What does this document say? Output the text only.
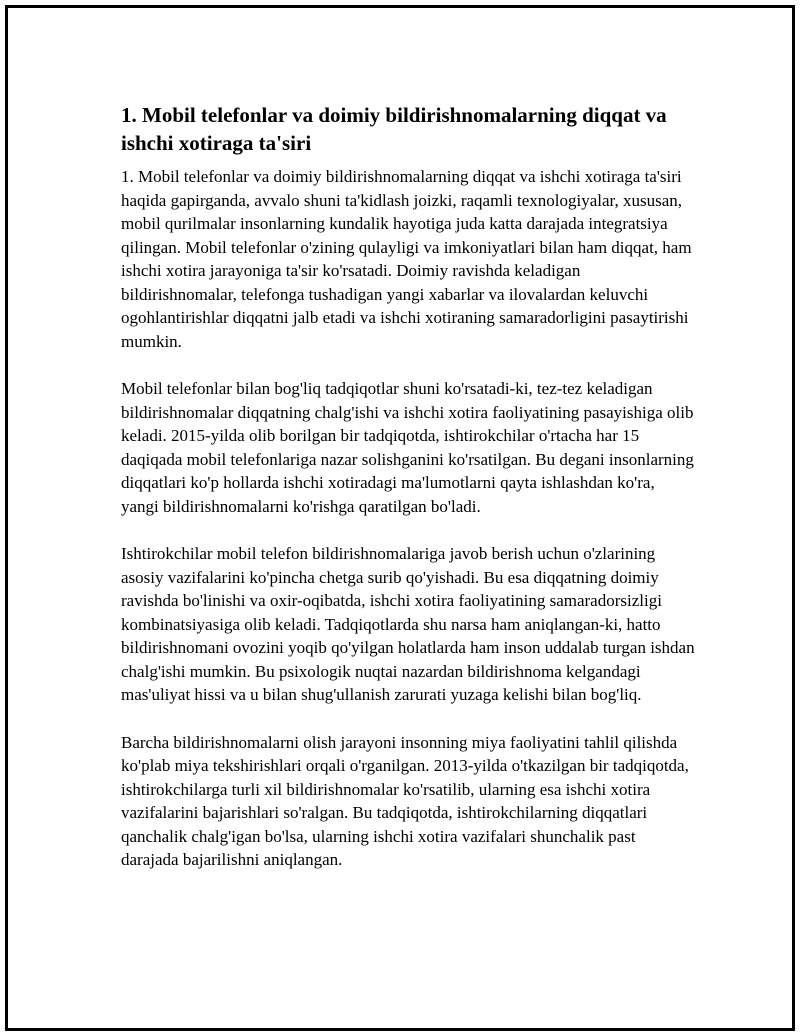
1. Mobil telefonlar va doimiy bildirishnomalarning diqqat va ishchi xotiraga ta'siri

1. Mobil telefonlar va doimiy bildirishnomalarning diqqat va ishchi xotiraga ta'siri haqida gapirganda, avvalo shuni ta'kidlash joizki, raqamli texnologiyalar, xususan, mobil qurilmalar insonlarning kundalik hayotiga juda katta darajada integratsiya qilingan. Mobil telefonlar o'zining qulayligi va imkoniyatlari bilan ham diqqat, ham ishchi xotira jarayoniga ta'sir ko'rsatadi. Doimiy ravishda keladigan bildirishnomalar, telefonga tushadigan yangi xabarlar va ilovalardan keluvchi ogohlantirishlar diqqatni jalb etadi va ishchi xotiraning samaradorligini pasaytirishi mumkin.

Mobil telefonlar bilan bog'liq tadqiqotlar shuni ko'rsatadi-ki, tez-tez keladigan bildirishnomalar diqqatning chalg'ishi va ishchi xotira faoliyatining pasayishiga olib keladi. 2015-yilda olib borilgan bir tadqiqotda, ishtirokchilar o'rtacha har 15 daqiqada mobil telefonlariga nazar solishganini ko'rsatilgan. Bu degani insonlarning diqqatlari ko'p hollarda ishchi xotiradagi ma'lumotlarni qayta ishlashdan ko'ra, yangi bildirishnomalarni ko'rishga qaratilgan bo'ladi.

Ishtirokchilar mobil telefon bildirishnomalariga javob berish uchun o'zlarining asosiy vazifalarini ko'pincha chetga surib qo'yishadi. Bu esa diqqatning doimiy ravishda bo'linishi va oxir-oqibatda, ishchi xotira faoliyatining samaradorsizligi kombinatsiyasiga olib keladi. Tadqiqotlarda shu narsa ham aniqlangan-ki, hatto bildirishnomani ovozini yoqib qo'yilgan holatlarda ham inson uddalab turgan ishdan chalg'ishi mumkin. Bu psixologik nuqtai nazardan bildirishnoma kelgandagi mas'uliyat hissi va u bilan shug'ullanish zarurati yuzaga kelishi bilan bog'liq.

Barcha bildirishnomalarni olish jarayoni insonning miya faoliyatini tahlil qilishda ko'plab miya tekshirishlari orqali o'rganilgan. 2013-yilda o'tkazilgan bir tadqiqotda, ishtirokchilarga turli xil bildirishnomalar ko'rsatilib, ularning esa ishchi xotira vazifalarini bajarishlari so'ralgan. Bu tadqiqotda, ishtirokchilarning diqqatlari qanchalik chalg'igan bo'lsa, ularning ishchi xotira vazifalari shunchalik past darajada bajarilishni aniqlangan.
